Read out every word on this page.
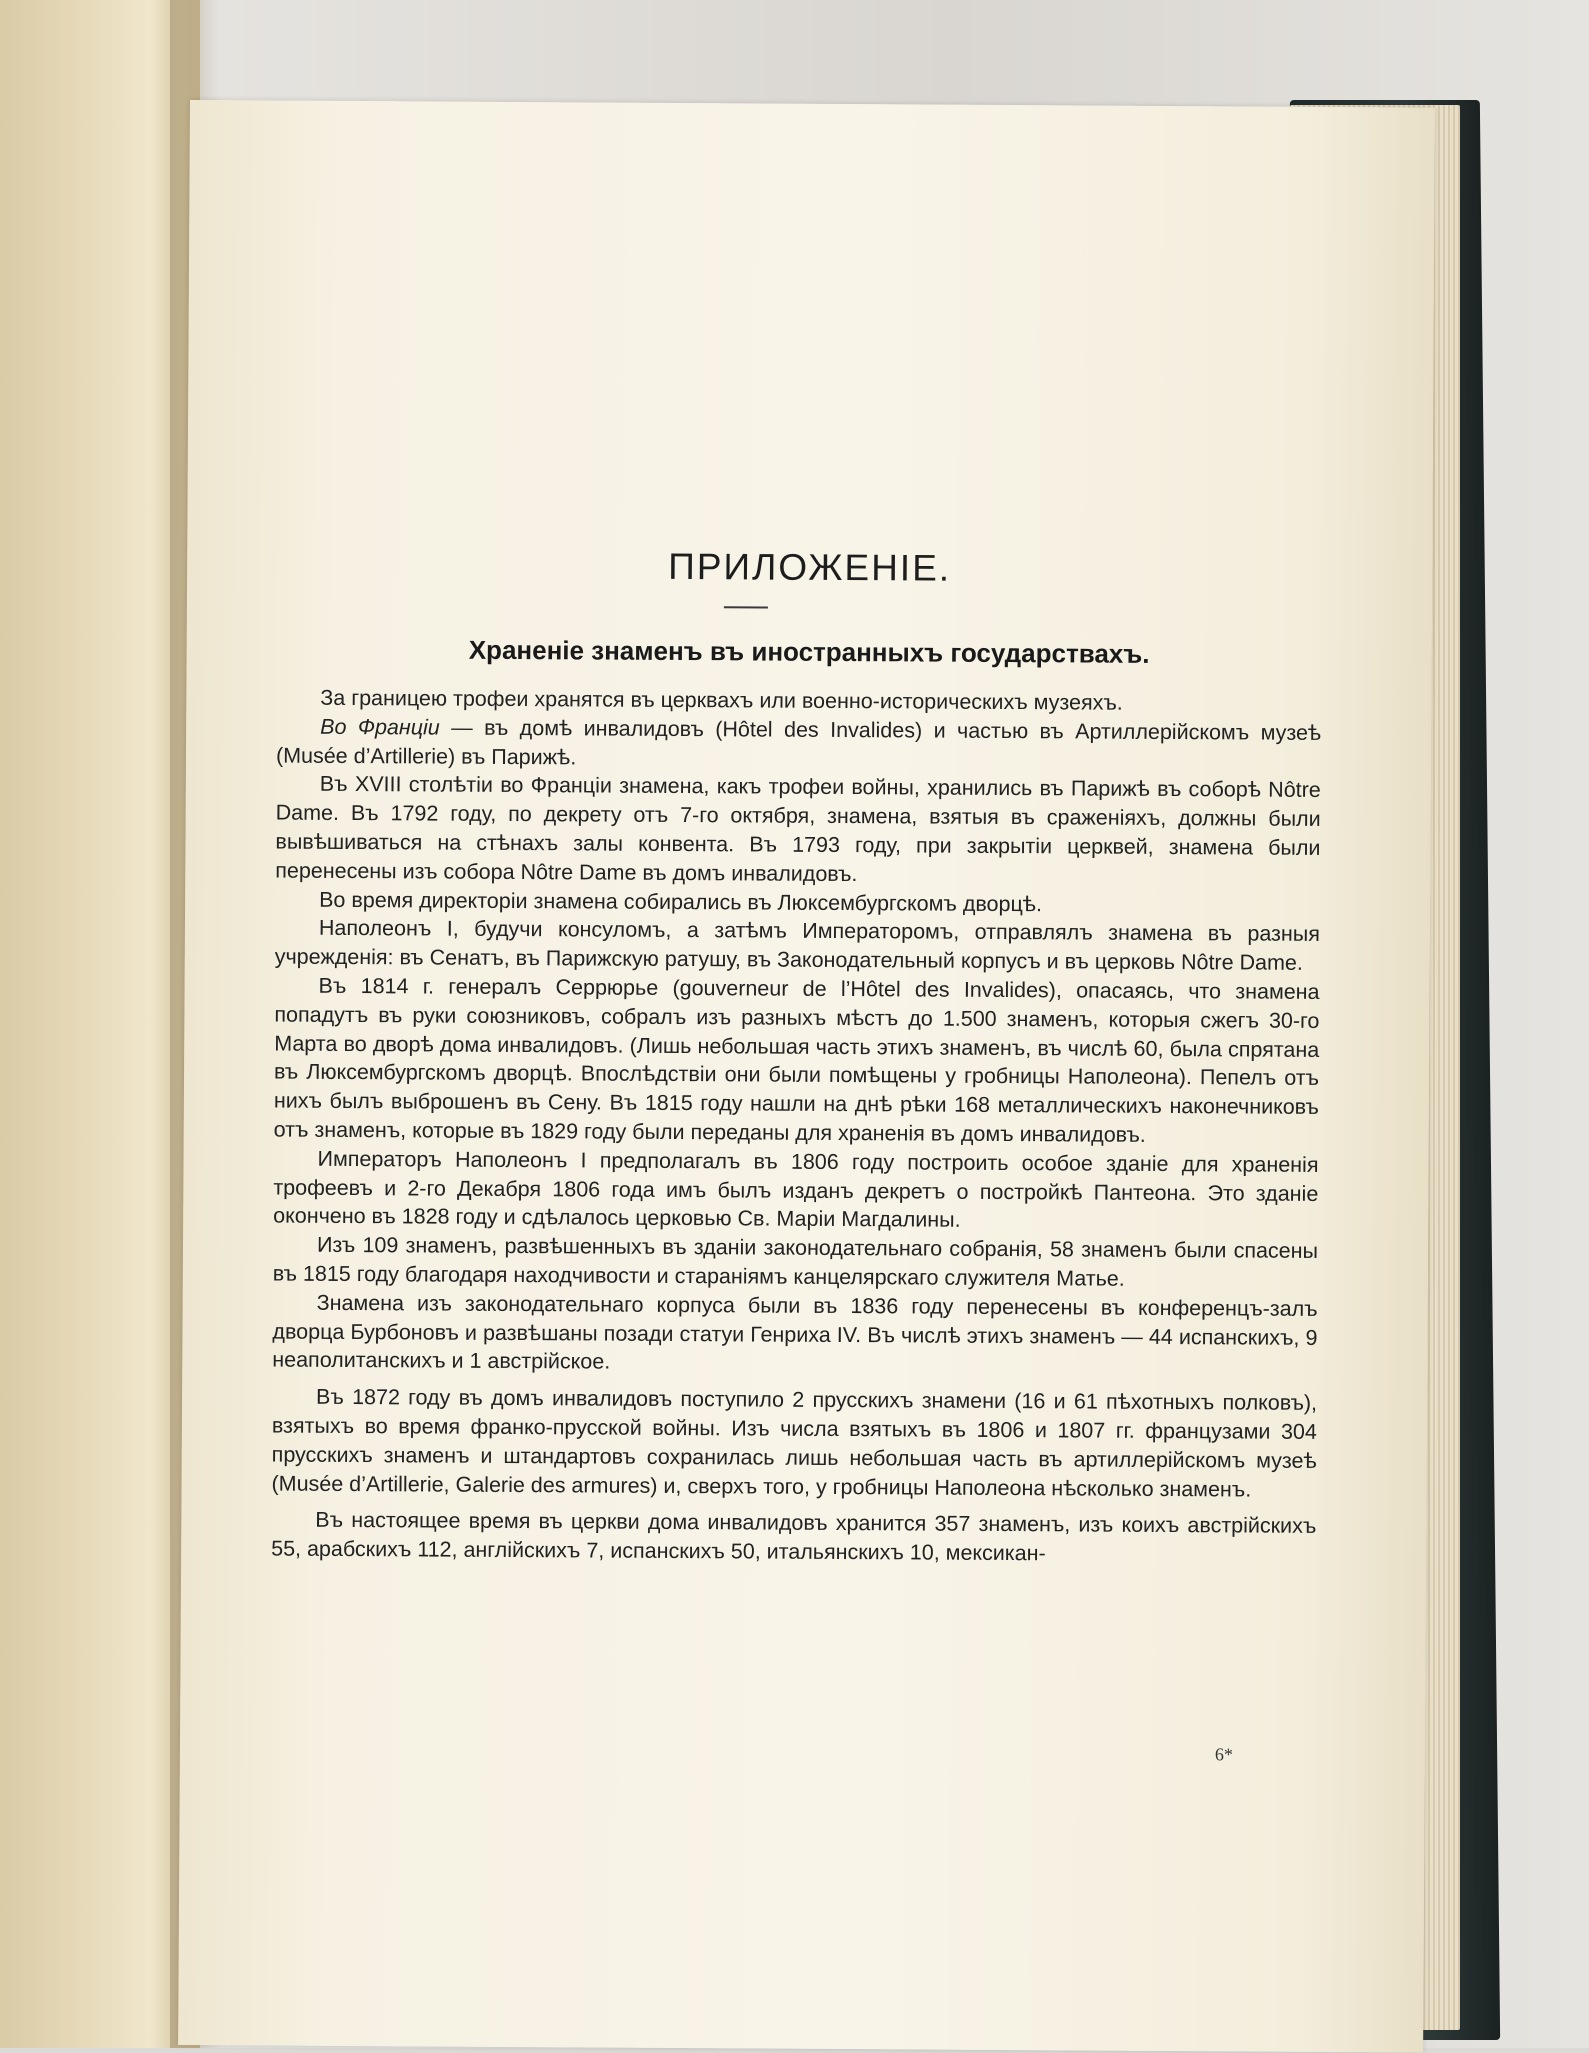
ПРИЛОЖЕНІЕ.
Храненіе знаменъ въ иностранныхъ государствахъ.

За границею трофеи хранятся въ церквахъ или военно-историческихъ музеяхъ.

Во Франціи — въ домѣ инвалидовъ (Hôtel des Invalides) и частью въ Артиллерійскомъ музеѣ (Musée d’Artillerie) въ Парижѣ.

Въ XVIII столѣтіи во Франціи знамена, какъ трофеи войны, хранились въ Парижѣ въ соборѣ Nôtre Dame. Въ 1792 году, по декрету отъ 7-го октября, знамена, взятыя въ сраженіяхъ, должны были вывѣшиваться на стѣнахъ залы конвента. Въ 1793 году, при закрытіи церквей, знамена были перенесены изъ собора Nôtre Dame въ домъ инвалидовъ.

Во время директоріи знамена собирались въ Люксембургскомъ дворцѣ.

Наполеонъ I, будучи консуломъ, а затѣмъ Императоромъ, отправлялъ знамена въ разныя учрежденія: въ Сенатъ, въ Парижскую ратушу, въ Законодательный корпусъ и въ церковь Nôtre Dame.

Въ 1814 г. генералъ Серрюрье (gouverneur de l’Hôtel des Invalides), опасаясь, что знамена попадутъ въ руки союзниковъ, собралъ изъ разныхъ мѣстъ до 1.500 знаменъ, которыя сжегъ 30-го Марта во дворѣ дома инвалидовъ. (Лишь небольшая часть этихъ знаменъ, въ числѣ 60, была спрятана въ Люксембургскомъ дворцѣ. Впослѣдствіи они были помѣщены у гробницы Наполеона). Пепелъ отъ нихъ былъ выброшенъ въ Сену. Въ 1815 году нашли на днѣ рѣки 168 металлическихъ наконечниковъ отъ знаменъ, которые въ 1829 году были переданы для храненія въ домъ инвалидовъ.

Императоръ Наполеонъ I предполагалъ въ 1806 году построить особое зданіе для храненія трофеевъ и 2-го Декабря 1806 года имъ былъ изданъ декретъ о постройкѣ Пантеона. Это зданіе окончено въ 1828 году и сдѣлалось церковью Св. Маріи Магдалины.

Изъ 109 знаменъ, развѣшенныхъ въ зданіи законодательнаго собранія, 58 знаменъ были спасены въ 1815 году благодаря находчивости и стараніямъ канцелярскаго служителя Матье.

Знамена изъ законодательнаго корпуса были въ 1836 году перенесены въ конференцъ-залъ дворца Бурбоновъ и развѣшаны позади статуи Генриха IV. Въ числѣ этихъ знаменъ — 44 испанскихъ, 9 неаполитанскихъ и 1 австрійское.

Въ 1872 году въ домъ инвалидовъ поступило 2 прусскихъ знамени (16 и 61 пѣхотныхъ полковъ), взятыхъ во время франко-прусской войны. Изъ числа взятыхъ въ 1806 и 1807 гг. французами 304 прусскихъ знаменъ и штандартовъ сохранилась лишь небольшая часть въ артиллерійскомъ музеѣ (Musée d’Artillerie, Galerie des armures) и, сверхъ того, у гробницы Наполеона нѣсколько знаменъ.

Въ настоящее время въ церкви дома инвалидовъ хранится 357 знаменъ, изъ коихъ австрійскихъ 55, арабскихъ 112, англійскихъ 7, испанскихъ 50, итальянскихъ 10, мексикан-

6*
